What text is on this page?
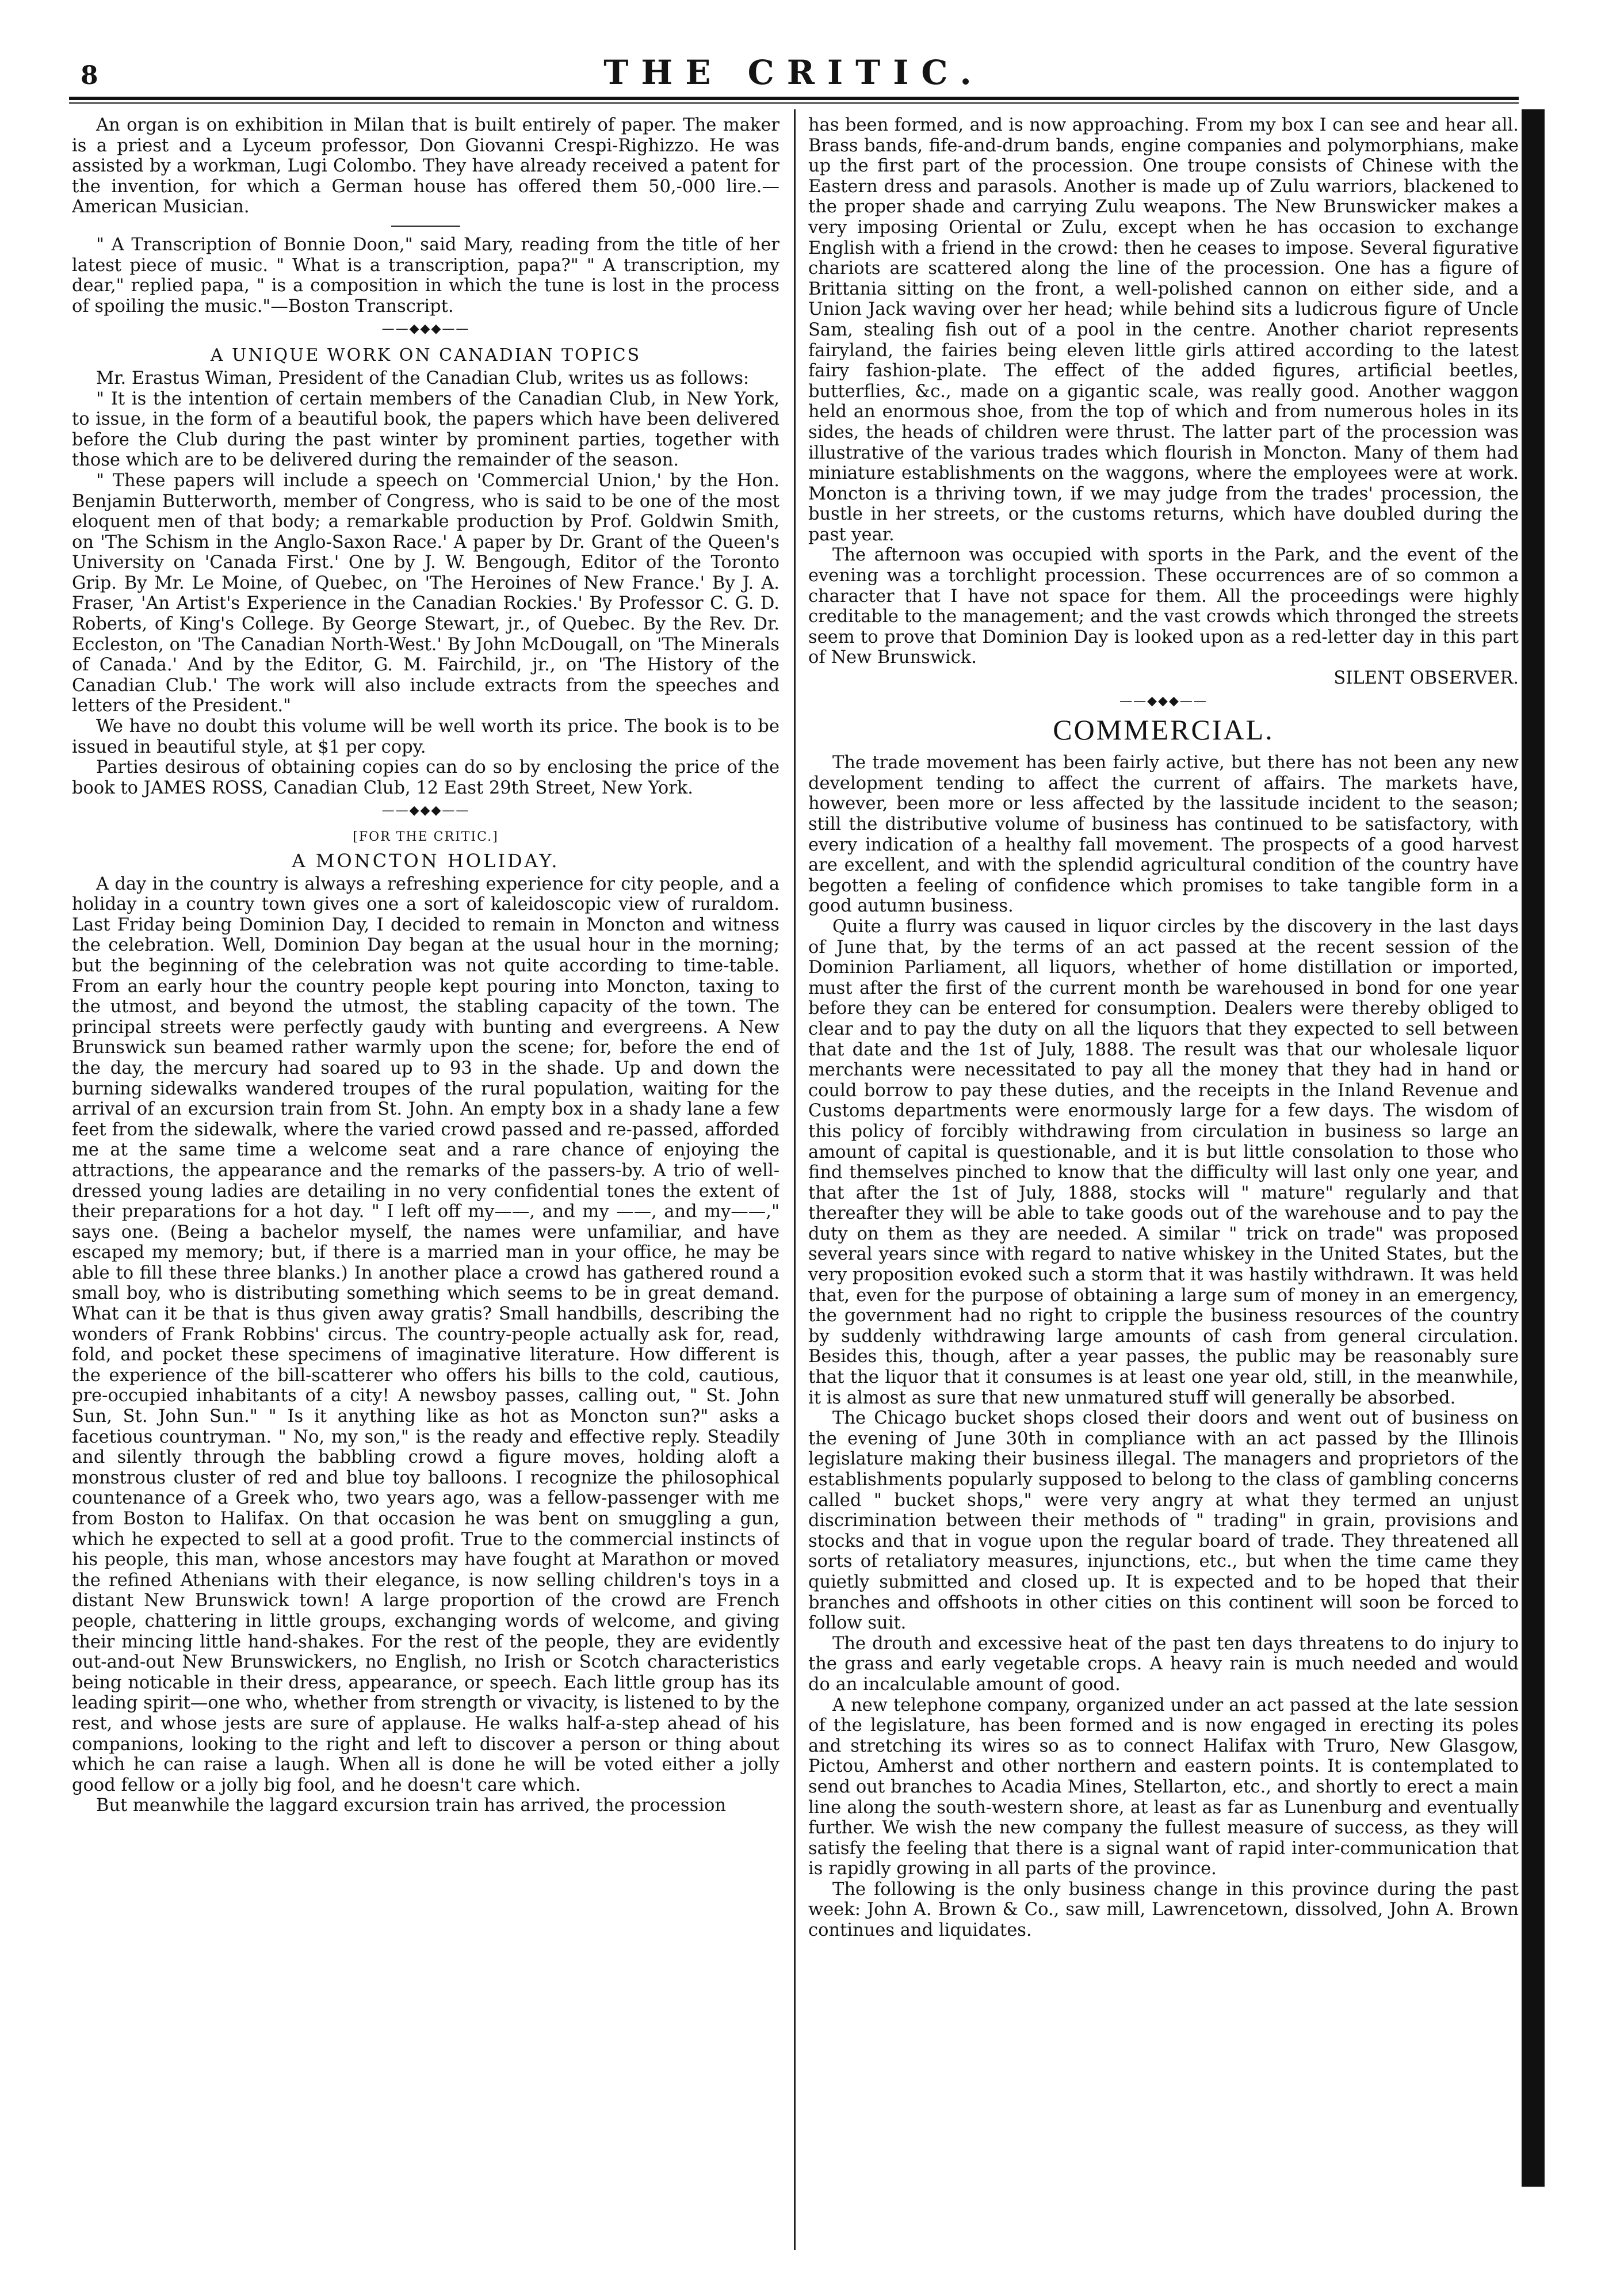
8	THE CRITIC.

An organ is on exhibition in Milan that is built entirely of paper. The maker is a priest and a Lyceum professor, Don Giovanni Crespi-Righizzo. He was assisted by a workman, Lugi Colombo. They have already received a patent for the invention, for which a German house has offered them 50,-000 lire.—American Musician.

" A Transcription of Bonnie Doon," said Mary, reading from the title of her latest piece of music. " What is a transcription, papa?" " A transcription, my dear," replied papa, " is a composition in which the tune is lost in the process of spoiling the music."—Boston Transcript.

——◆◆◆——

A UNIQUE WORK ON CANADIAN TOPICS

Mr. Erastus Wiman, President of the Canadian Club, writes us as follows:

" It is the intention of certain members of the Canadian Club, in New York, to issue, in the form of a beautiful book, the papers which have been delivered before the Club during the past winter by prominent parties, together with those which are to be delivered during the remainder of the season.

" These papers will include a speech on 'Commercial Union,' by the Hon. Benjamin Butterworth, member of Congress, who is said to be one of the most eloquent men of that body; a remarkable production by Prof. Goldwin Smith, on 'The Schism in the Anglo-Saxon Race.' A paper by Dr. Grant of the Queen's University on 'Canada First.' One by J. W. Bengough, Editor of the Toronto Grip. By Mr. Le Moine, of Quebec, on 'The Heroines of New France.' By J. A. Fraser, 'An Artist's Experience in the Canadian Rockies.' By Professor C. G. D. Roberts, of King's College. By George Stewart, jr., of Quebec. By the Rev. Dr. Eccleston, on 'The Canadian North-West.' By John McDougall, on 'The Minerals of Canada.' And by the Editor, G. M. Fairchild, jr., on 'The History of the Canadian Club.' The work will also include extracts from the speeches and letters of the President."

We have no doubt this volume will be well worth its price. The book is to be issued in beautiful style, at $1 per copy.

Parties desirous of obtaining copies can do so by enclosing the price of the book to JAMES ROSS, Canadian Club, 12 East 29th Street, New York.

——◆◆◆——

[FOR THE CRITIC.]

A MONCTON HOLIDAY.

A day in the country is always a refreshing experience for city people, and a holiday in a country town gives one a sort of kaleidoscopic view of ruraldom. Last Friday being Dominion Day, I decided to remain in Moncton and witness the celebration. Well, Dominion Day began at the usual hour in the morning; but the beginning of the celebration was not quite according to time-table. From an early hour the country people kept pouring into Moncton, taxing to the utmost, and beyond the utmost, the stabling capacity of the town. The principal streets were perfectly gaudy with bunting and evergreens. A New Brunswick sun beamed rather warmly upon the scene; for, before the end of the day, the mercury had soared up to 93 in the shade. Up and down the burning sidewalks wandered troupes of the rural population, waiting for the arrival of an excursion train from St. John. An empty box in a shady lane a few feet from the sidewalk, where the varied crowd passed and re-passed, afforded me at the same time a welcome seat and a rare chance of enjoying the attractions, the appearance and the remarks of the passers-by. A trio of well-dressed young ladies are detailing in no very confidential tones the extent of their preparations for a hot day. " I left off my——, and my ——, and my——," says one. (Being a bachelor myself, the names were unfamiliar, and have escaped my memory; but, if there is a married man in your office, he may be able to fill these three blanks.) In another place a crowd has gathered round a small boy, who is distributing something which seems to be in great demand. What can it be that is thus given away gratis? Small handbills, describing the wonders of Frank Robbins' circus. The country-people actually ask for, read, fold, and pocket these specimens of imaginative literature. How different is the experience of the bill-scatterer who offers his bills to the cold, cautious, pre-occupied inhabitants of a city! A newsboy passes, calling out, " St. John Sun, St. John Sun." " Is it anything like as hot as Moncton sun?" asks a facetious countryman. " No, my son," is the ready and effective reply. Steadily and silently through the babbling crowd a figure moves, holding aloft a monstrous cluster of red and blue toy balloons. I recognize the philosophical countenance of a Greek who, two years ago, was a fellow-passenger with me from Boston to Halifax. On that occasion he was bent on smuggling a gun, which he expected to sell at a good profit. True to the commercial instincts of his people, this man, whose ancestors may have fought at Marathon or moved the refined Athenians with their elegance, is now selling children's toys in a distant New Brunswick town! A large proportion of the crowd are French people, chattering in little groups, exchanging words of welcome, and giving their mincing little hand-shakes. For the rest of the people, they are evidently out-and-out New Brunswickers, no English, no Irish or Scotch characteristics being noticable in their dress, appearance, or speech. Each little group has its leading spirit—one who, whether from strength or vivacity, is listened to by the rest, and whose jests are sure of applause. He walks half-a-step ahead of his companions, looking to the right and left to discover a person or thing about which he can raise a laugh. When all is done he will be voted either a jolly good fellow or a jolly big fool, and he doesn't care which.

But meanwhile the laggard excursion train has arrived, the procession

has been formed, and is now approaching. From my box I can see and hear all. Brass bands, fife-and-drum bands, engine companies and polymorphians, make up the first part of the procession. One troupe consists of Chinese with the Eastern dress and parasols. Another is made up of Zulu warriors, blackened to the proper shade and carrying Zulu weapons. The New Brunswicker makes a very imposing Oriental or Zulu, except when he has occasion to exchange English with a friend in the crowd: then he ceases to impose. Several figurative chariots are scattered along the line of the procession. One has a figure of Brittania sitting on the front, a well-polished cannon on either side, and a Union Jack waving over her head; while behind sits a ludicrous figure of Uncle Sam, stealing fish out of a pool in the centre. Another chariot represents fairyland, the fairies being eleven little girls attired according to the latest fairy fashion-plate. The effect of the added figures, artificial beetles, butterflies, &c., made on a gigantic scale, was really good. Another waggon held an enormous shoe, from the top of which and from numerous holes in its sides, the heads of children were thrust. The latter part of the procession was illustrative of the various trades which flourish in Moncton. Many of them had miniature establishments on the waggons, where the employees were at work. Moncton is a thriving town, if we may judge from the trades' procession, the bustle in her streets, or the customs returns, which have doubled during the past year.

The afternoon was occupied with sports in the Park, and the event of the evening was a torchlight procession. These occurrences are of so common a character that I have not space for them. All the proceedings were highly creditable to the management; and the vast crowds which thronged the streets seem to prove that Dominion Day is looked upon as a red-letter day in this part of New Brunswick.

SILENT OBSERVER.
——◆◆◆——

COMMERCIAL.

The trade movement has been fairly active, but there has not been any new development tending to affect the current of affairs. The markets have, however, been more or less affected by the lassitude incident to the season; still the distributive volume of business has continued to be satisfactory, with every indication of a healthy fall movement. The prospects of a good harvest are excellent, and with the splendid agricultural condition of the country have begotten a feeling of confidence which promises to take tangible form in a good autumn business.

Quite a flurry was caused in liquor circles by the discovery in the last days of June that, by the terms of an act passed at the recent session of the Dominion Parliament, all liquors, whether of home distillation or imported, must after the first of the current month be warehoused in bond for one year before they can be entered for consumption. Dealers were thereby obliged to clear and to pay the duty on all the liquors that they expected to sell between that date and the 1st of July, 1888. The result was that our wholesale liquor merchants were necessitated to pay all the money that they had in hand or could borrow to pay these duties, and the receipts in the Inland Revenue and Customs departments were enormously large for a few days. The wisdom of this policy of forcibly withdrawing from circulation in business so large an amount of capital is questionable, and it is but little consolation to those who find themselves pinched to know that the difficulty will last only one year, and that after the 1st of July, 1888, stocks will " mature" regularly and that thereafter they will be able to take goods out of the warehouse and to pay the duty on them as they are needed. A similar " trick on trade" was proposed several years since with regard to native whiskey in the United States, but the very proposition evoked such a storm that it was hastily withdrawn. It was held that, even for the purpose of obtaining a large sum of money in an emergency, the government had no right to cripple the business resources of the country by suddenly withdrawing large amounts of cash from general circulation. Besides this, though, after a year passes, the public may be reasonably sure that the liquor that it consumes is at least one year old, still, in the meanwhile, it is almost as sure that new unmatured stuff will generally be absorbed.

The Chicago bucket shops closed their doors and went out of business on the evening of June 30th in compliance with an act passed by the Illinois legislature making their business illegal. The managers and proprietors of the establishments popularly supposed to belong to the class of gambling concerns called " bucket shops," were very angry at what they termed an unjust discrimination between their methods of " trading" in grain, provisions and stocks and that in vogue upon the regular board of trade. They threatened all sorts of retaliatory measures, injunctions, etc., but when the time came they quietly submitted and closed up. It is expected and to be hoped that their branches and offshoots in other cities on this continent will soon be forced to follow suit.

The drouth and excessive heat of the past ten days threatens to do injury to the grass and early vegetable crops. A heavy rain is much needed and would do an incalculable amount of good.

A new telephone company, organized under an act passed at the late session of the legislature, has been formed and is now engaged in erecting its poles and stretching its wires so as to connect Halifax with Truro, New Glasgow, Pictou, Amherst and other northern and eastern points. It is contemplated to send out branches to Acadia Mines, Stellarton, etc., and shortly to erect a main line along the south-western shore, at least as far as Lunenburg and eventually further. We wish the new company the fullest measure of success, as they will satisfy the feeling that there is a signal want of rapid inter-communication that is rapidly growing in all parts of the province.

The following is the only business change in this province during the past week: John A. Brown & Co., saw mill, Lawrencetown, dissolved, John A. Brown continues and liquidates.
